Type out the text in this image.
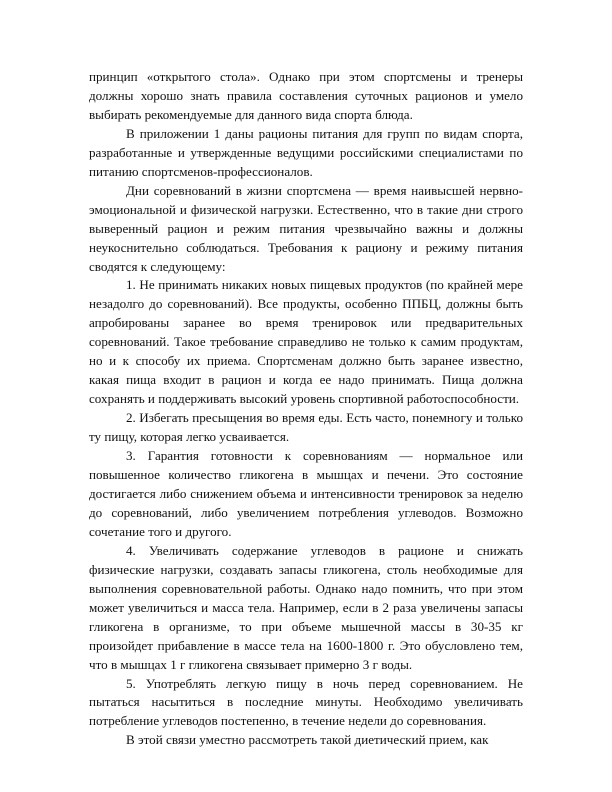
принцип «открытого стола». Однако при этом спортсмены и тренеры должны хорошо знать правила составления суточных рационов и умело выбирать рекомендуемые для данного вида спорта блюда.

В приложении 1 даны рационы питания для групп по видам спорта, разработанные и утвержденные ведущими российскими специалистами по питанию спортсменов-профессионалов.

Дни соревнований в жизни спортсмена — время наивысшей нервно-эмоциональной и физической нагрузки. Естественно, что в такие дни строго выверенный рацион и режим питания чрезвычайно важны и должны неукоснительно соблюдаться. Требования к рациону и режиму питания сводятся к следующему:

1. Не принимать никаких новых пищевых продуктов (по крайней мере незадолго до соревнований). Все продукты, особенно ППБЦ, должны быть апробированы заранее во время тренировок или предварительных соревнований. Такое требование справедливо не только к самим продуктам, но и к способу их приема. Спортсменам должно быть заранее известно, какая пища входит в рацион и когда ее надо принимать. Пища должна сохранять и поддерживать высокий уровень спортивной работоспособности.

2. Избегать пресыщения во время еды. Есть часто, понемногу и только ту пищу, которая легко усваивается.

3. Гарантия готовности к соревнованиям — нормальное или повышенное количество гликогена в мышцах и печени. Это состояние достигается либо снижением объема и интенсивности тренировок за неделю до соревнований, либо увеличением потребления углеводов. Возможно сочетание того и другого.

4. Увеличивать содержание углеводов в рационе и снижать физические нагрузки, создавать запасы гликогена, столь необходимые для выполнения соревновательной работы. Однако надо помнить, что при этом может увеличиться и масса тела. Например, если в 2 раза увеличены запасы гликогена в организме, то при объеме мышечной массы в 30-35 кг произойдет прибавление в массе тела на 1600-1800 г. Это обусловлено тем, что в мышцах 1 г гликогена связывает примерно 3 г воды.

5. Употреблять легкую пищу в ночь перед соревнованием. Не пытаться насытиться в последние минуты. Необходимо увеличивать потребление углеводов постепенно, в течение недели до соревнования.

В этой связи уместно рассмотреть такой диетический прием, как
